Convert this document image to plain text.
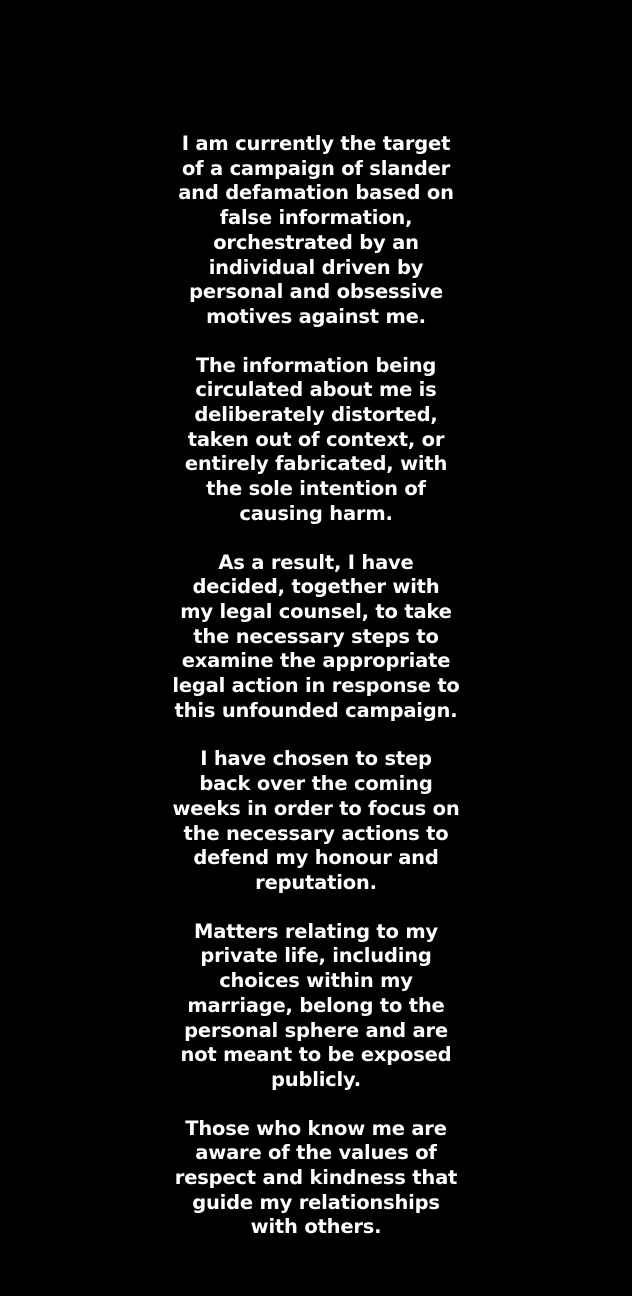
I am currently the target
of a campaign of slander
and defamation based on
false information,
orchestrated by an
individual driven by
personal and obsessive
motives against me.
The information being
circulated about me is
deliberately distorted,
taken out of context, or
entirely fabricated, with
the sole intention of
causing harm.
As a result, I have
decided, together with
my legal counsel, to take
the necessary steps to
examine the appropriate
legal action in response to
this unfounded campaign.
I have chosen to step
back over the coming
weeks in order to focus on
the necessary actions to
defend my honour and
reputation.
Matters relating to my
private life, including
choices within my
marriage, belong to the
personal sphere and are
not meant to be exposed
publicly.
Those who know me are
aware of the values of
respect and kindness that
guide my relationships
with others.
